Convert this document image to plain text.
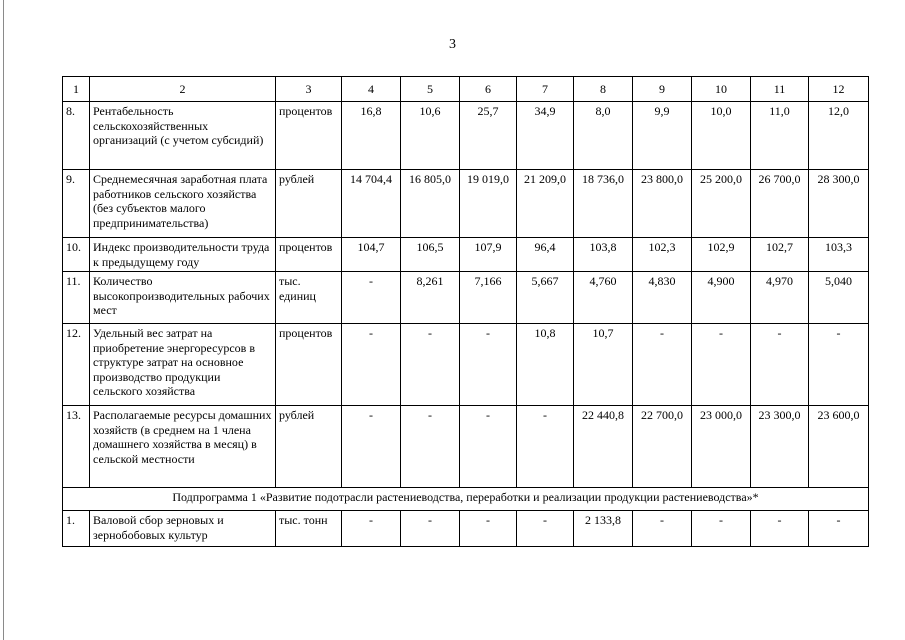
3
1	2	3	4	5	6	7	8	9	10	11	12
8.	Рентабельность сельскохозяйственных организаций (с учетом субсидий)	процентов	16,8	10,6	25,7	34,9	8,0	9,9	10,0	11,0	12,0
9.	Среднемесячная заработная плата работников сельского хозяйства (без субъектов малого предпринимательства)	рублей	14 704,4	16 805,0	19 019,0	21 209,0	18 736,0	23 800,0	25 200,0	26 700,0	28 300,0
10.	Индекс производительности труда к предыдущему году	процентов	104,7	106,5	107,9	96,4	103,8	102,3	102,9	102,7	103,3
11.	Количество высокопроизводительных рабочих мест	тыс. единиц	-	8,261	7,166	5,667	4,760	4,830	4,900	4,970	5,040
12.	Удельный вес затрат на приобретение энергоресурсов в структуре затрат на основное производство продукции сельского хозяйства	процентов	-	-	-	10,8	10,7	-	-	-	-
13.	Располагаемые ресурсы домашних хозяйств (в среднем на 1 члена домашнего хозяйства в месяц) в сельской местности	рублей	-	-	-	-	22 440,8	22 700,0	23 000,0	23 300,0	23 600,0
Подпрограмма 1 «Развитие подотрасли растениеводства, переработки и реализации продукции растениеводства»*											
1.	Валовой сбор зерновых и зернобобовых культур	тыс. тонн	-	-	-	-	2 133,8	-	-	-	-
